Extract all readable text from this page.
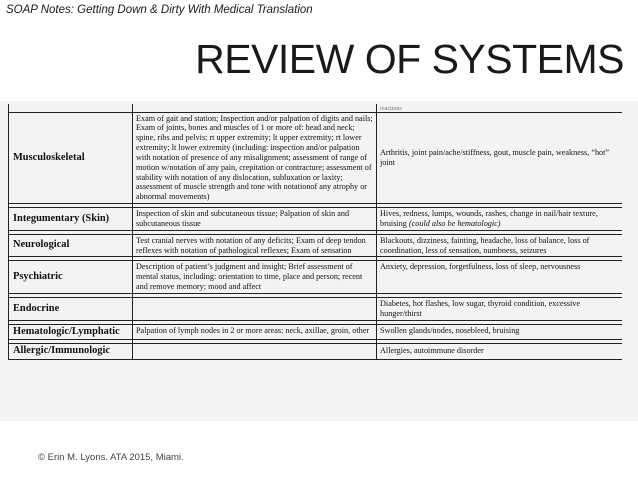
SOAP Notes: Getting Down & Dirty With Medical Translation
REVIEW OF SYSTEMS
		reactions
Musculoskeletal	Exam of gait and station; Inspection and/or palpation of digits and nails; Exam of joints, bones and muscles of 1 or more of: head and neck; spine, ribs and pelvis; rt upper extremity; lt upper extremity; rt lower extremity; lt lower extremity (including: inspection and/or palpation with notation of presence of any misalignment; assessment of range of motion w/notation of any pain, crepitation or contracture; assessment of stability with notation of any dislocation, subluxation or laxity; assessment of muscle strength and tone with notationof any atrophy or abnormal movements)	Arthritis, joint pain/ache/stiffness, gout, muscle pain, weakness, “hot” joint

Integumentary (Skin)	Inspection of skin and subcutaneous tissue; Palpation of skin and subcutaneous tissue	Hives, redness, lumps, wounds, rashes, change in nail/hair texture, bruising (could also be hematologic)

Neurological	Test cranial nerves with notation of any deficits; Exam of deep tendon reflexes with notation of pathological reflexes; Exam of sensation	Blackouts, dizziness, fainting, headache, loss of balance, loss of coordination, less of sensation, numbness, seizures

Psychiatric	Description of patient’s judgment and insight; Brief assessment of mental status, including: orientation to time, place and person; recent and remove memory; mood and affect	Anxiety, depression, forgetfulness, loss of sleep, nervousness

Endocrine		Diabetes, hot flashes, low sugar, thyroid condition, excessive hunger/thirst

Hematologic/Lymphatic	Palpation of lymph nodes in 2 or more areas: neck, axillae, groin, other	Swollen glands/nodes, nosebleed, bruising

Allergic/Immunologic		Allergies, autoimmune disorder
© Erin M. Lyons. ATA 2015, Miami.
